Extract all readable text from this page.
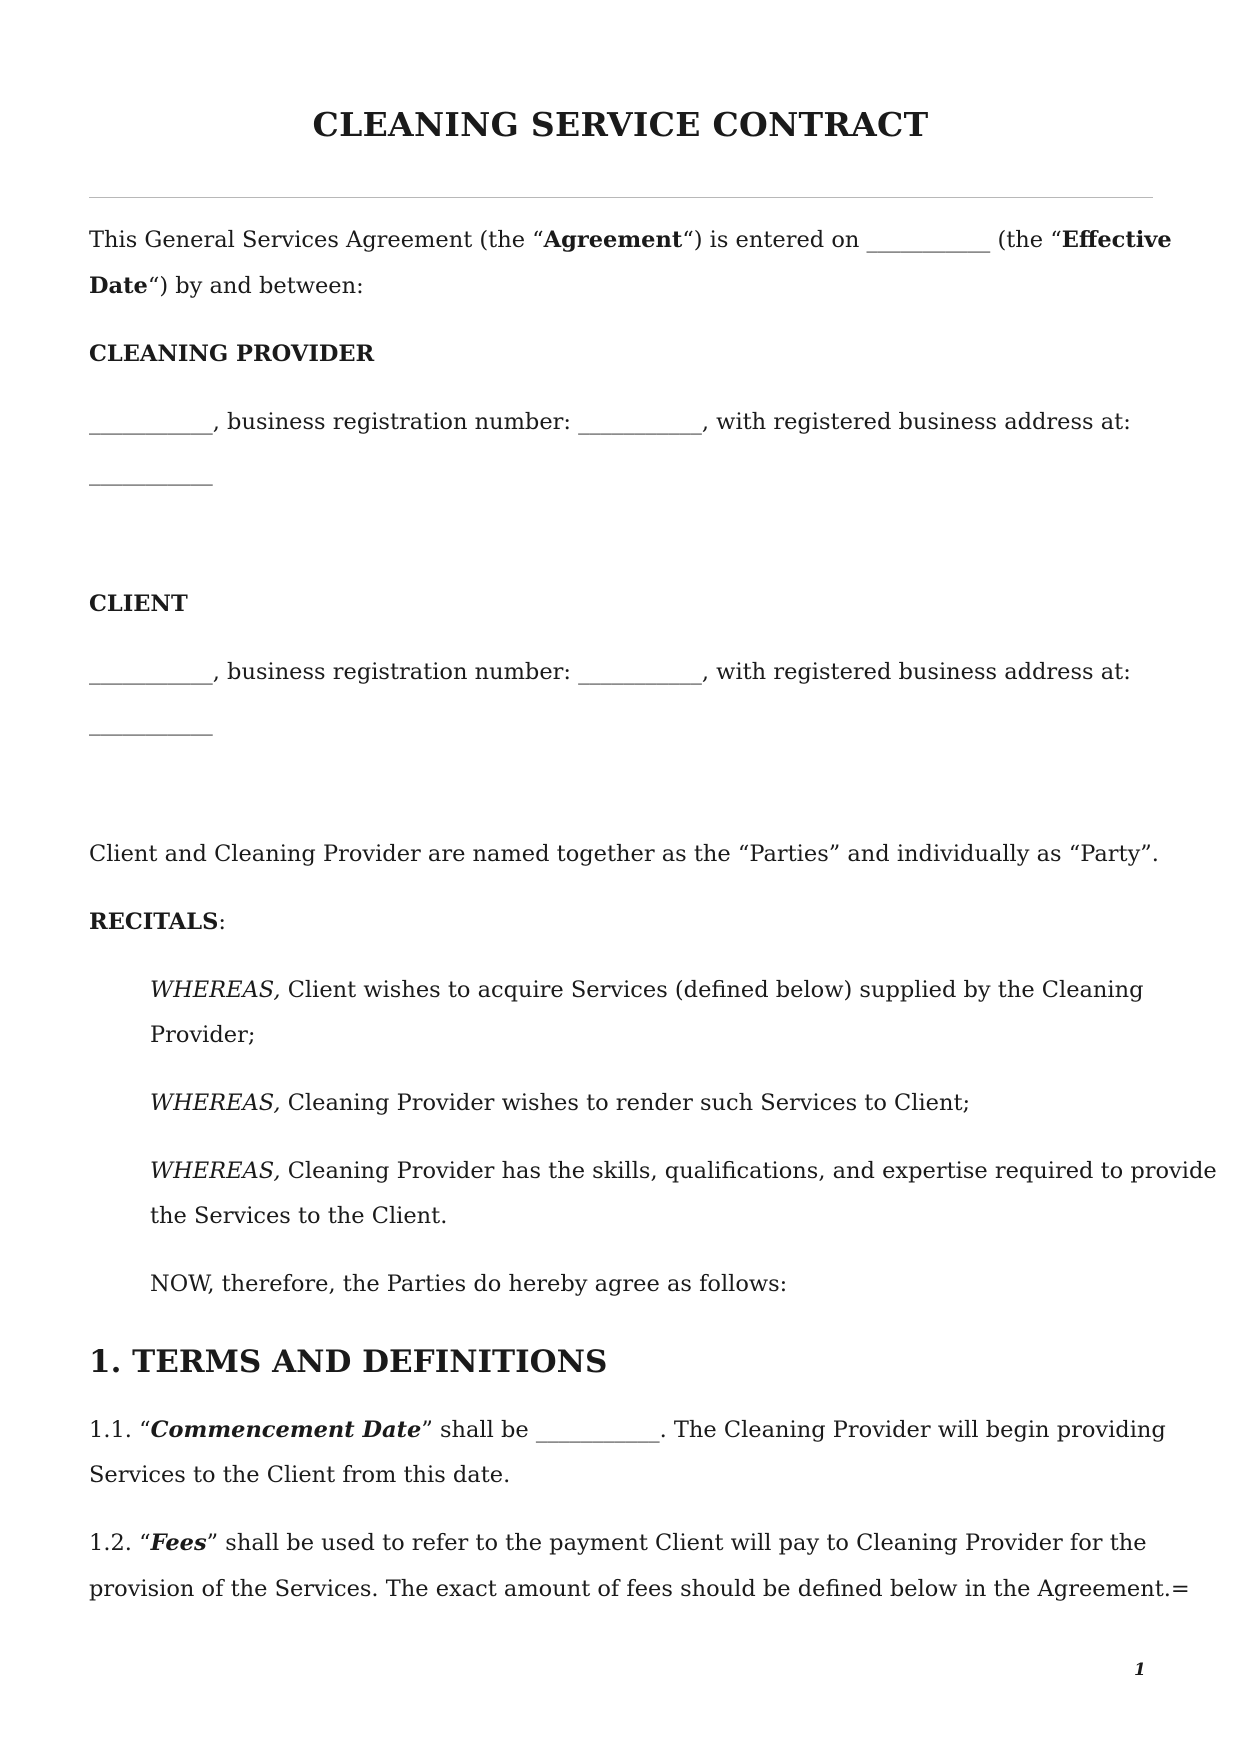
CLEANING SERVICE CONTRACT
This General Services Agreement (the “Agreement“) is entered on ___________ (the “Effective
Date“) by and between:
CLEANING PROVIDER
___________, business registration number: ___________, with registered business address at:
___________
CLIENT
___________, business registration number: ___________, with registered business address at:
___________
Client and Cleaning Provider are named together as the “Parties” and individually as “Party”.
RECITALS:
WHEREAS, Client wishes to acquire Services (defined below) supplied by the Cleaning
Provider;
WHEREAS, Cleaning Provider wishes to render such Services to Client;
WHEREAS, Cleaning Provider has the skills, qualifications, and expertise required to provide
the Services to the Client.
NOW, therefore, the Parties do hereby agree as follows:
1. TERMS AND DEFINITIONS
1.1. “Commencement Date” shall be ___________. The Cleaning Provider will begin providing
Services to the Client from this date.
1.2. “Fees” shall be used to refer to the payment Client will pay to Cleaning Provider for the
provision of the Services. The exact amount of fees should be defined below in the Agreement.=
1
